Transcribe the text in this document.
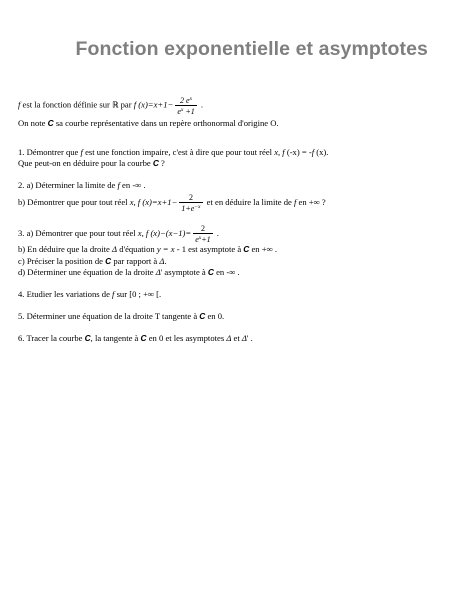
Fonction exponentielle et asymptotes
f est la fonction définie sur ℝ par f $(x)=x+1- \frac{2 e^x}{e^x +1}$ .
On note C sa courbe représentative dans un repère orthonormal d'origine O.
1. Démontrer que f est une fonction impaire, c'est à dire que pour tout réel x, f (-x) = -f (x).
Que peut-on en déduire pour la courbe C ?
2. a) Déterminer la limite de f en -∞ .
b) Démontrer que pour tout réel x, f $(x)=x+1- \frac{2}{1+e^{-x}}$ et en déduire la limite de f en +∞ ?
3. a) Démontrer que pour tout réel x, f $(x)-(x-1)= \frac{2}{e^x+1}$ .
b) En déduire que la droite Δ d'équation y = x - 1 est asymptote à C en +∞ .
c) Préciser la position de C par rapport à Δ.
d) Déterminer une équation de la droite Δ' asymptote à C en -∞ .
4. Etudier les variations de f sur [0 ; +∞ [.
5. Déterminer une équation de la droite T tangente à C en 0.
6. Tracer la courbe C, la tangente à C en 0 et les asymptotes Δ et Δ' .
